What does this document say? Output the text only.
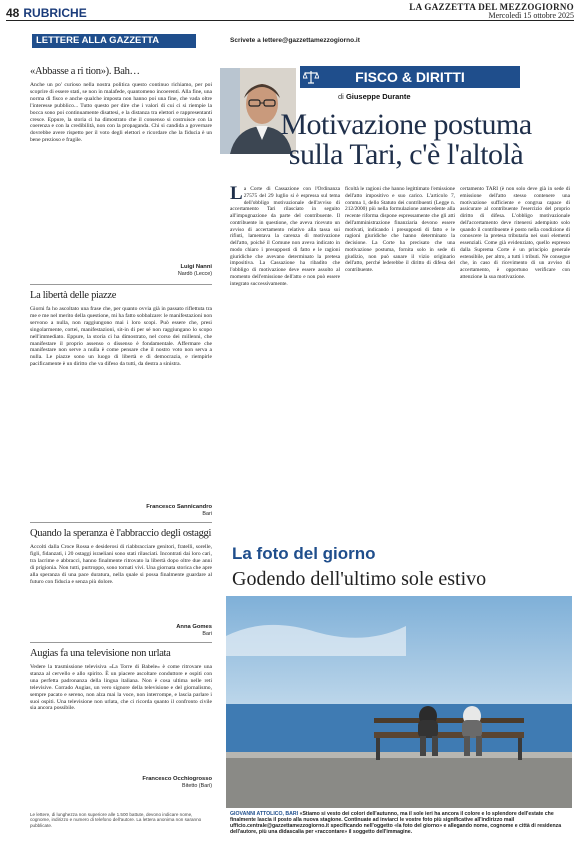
48 RUBRICHE	LA GAZZETTA DEL MEZZOGIORNO
Mercoledì 15 ottobre 2025
LETTERE ALLA GAZZETTA	Scrivete a lettere@gazzettamezzogiorno.it
«Abbasse a ri tion»). Bah…
Anche un po' curioso nella nostra politica questo continuo richiamo, per poi scoprire di essere stati, se non in malafede, quantomeno incoerenti. Alla fine, una norma di fisco e anche qualche imposta non hanno poi una fine, che vada oltre l'interesse pubblico... Tutto questo per dire che i valori di cui ci si riempie la bocca sono poi continuamente disattesi, e la distanza tra elettori e rappresentanti cresce. Eppure, la storia ci ha dimostrato che il consenso si costruisce con la coerenza e con la credibilità, non con la propaganda. Chi si candida a governare dovrebbe avere rispetto per il voto degli elettori e ricordare che la fiducia è un bene prezioso e fragile.
Luigi Nanni
Nardò (Lecce)
La libertà delle piazze
Giorni fa ho ascoltato una frase che, per quanto ovvia già in passato riflettuta tra me e me nel merito della questione, mi ha fatto sobbalzare: le manifestazioni non servono a nulla, non raggiungono mai i loro scopi. Può essere che, presi singolarmente, cortei, manifestazioni, sit-in di per sé non raggiungano lo scopo nell'immediato. Eppure, la storia ci ha dimostrato, nel corso dei millenni, che manifestare il proprio assenso o dissenso è fondamentale. Affermare che manifestare non serve a nulla è come pensare che il nostro voto non serva a nulla. Le piazze sono un luogo di libertà e di democrazia, e riempirle pacificamente è un diritto che va difeso da tutti, da destra a sinistra.
Francesco Sannicandro
Bari
Quando la speranza è l'abbraccio degli ostaggi
Accolti dalla Croce Rossa e desiderosi di riabbracciare genitori, fratelli, sorelle, figli, fidanzati, i 20 ostaggi israeliani sono stati rilasciati. Incontrati dai loro cari, tra lacrime e abbracci, hanno finalmente ritrovato la libertà dopo oltre due anni di prigionia. Non tutti, purtroppo, sono tornati vivi. Una giornata storica che apre alla speranza di una pace duratura, nella quale si possa finalmente guardare al futuro con fiducia e senza più dolore.
Anna Gomes
Bari
Augias fa una televisione non urlata
Vedere la trasmissione televisiva «La Torre di Babele» è come ritrovare una stanza al cervello e allo spirito. È un piacere ascoltare conduttore e ospiti con una perfetta padronanza della lingua italiana. Non è cosa ultima nelle reti televisive. Corrado Augias, un vero signore della televisione e del giornalismo, sempre pacato e sereno, non alza mai la voce, non interrompe, e lascia parlare i suoi ospiti. Una televisione non urlata, che ci ricorda quanto il confronto civile sia ancora possibile.
Francesco Occhiogrosso
Bitetto (Bari)
Le lettere, di lunghezza non superiore alle 1.500 battute, devono indicare nome, cognome, indirizzo e numero di telefono dell'autore. La lettera anonima non saranno pubblicate.
FISCO & DIRITTI
di Giuseppe Durante
Motivazione postuma
sulla Tari, c'è l'altolà
La Corte di Cassazione con l'Ordinanza 27575 del 29 luglio si è espressa sul tema dell'obbligo motivazionale dell'avviso di accertamento Tari rilasciato in seguito all'impugnazione da parte del contribuente. Il contribuente in questione, che aveva ricevuto un avviso di accertamento relativo alla tassa sui rifiuti, lamentava la carenza di motivazione dell'atto, poiché il Comune non aveva indicato in modo chiaro i presupposti di fatto e le ragioni giuridiche che avevano determinato la pretesa impositiva. La Cassazione ha ribadito che l'obbligo di motivazione deve essere assolto al momento dell'emissione dell'atto e non può essere integrato successivamente.
ficoltà le ragioni che hanno legittimato l'emissione dell'atto impositivo e suo carico. L'articolo 7, comma 1, dello Statuto dei contribuenti (Legge n. 212/2000) più nella formulazione antecedente alla recente riforma dispone espressamente che gli atti dell'amministrazione finanziaria devono essere motivati, indicando i presupposti di fatto e le ragioni giuridiche che hanno determinato la decisione. La Corte ha precisato che una motivazione postuma, fornita solo in sede di giudizio, non può sanare il vizio originario dell'atto, perché lederebbe il diritto di difesa del contribuente.
certamento TARI (è non solo deve già in sede di emissione dell'atto stesso contenere una motivazione sufficiente e congrua capace di assicurare al contribuente l'esercizio del proprio diritto di difesa. L'obbligo motivazionale dell'accertamento deve ritenersi adempiuto solo quando il contribuente è posto nella condizione di conoscere la pretesa tributaria nei suoi elementi essenziali. Come già evidenziato, quello espresso dalla Suprema Corte è un principio generale estensibile, per altro, a tutti i tributi. Ne consegue che, in caso di ricevimento di un avviso di accertamento, è opportuno verificare con attenzione la sua motivazione.
La foto del giorno
Godendo dell'ultimo sole estivo
GIOVANNI ATTOLICO, BARI «Stiamo si vesto dei colori dell'autunno, ma il sole ieri ha ancora il colore e lo splendore dell'estate che finalmente lascia il posto alla nuova stagione. Continuate ad inviarci le vostre foto più significative all'indirizzo mail ufficio.centrale@gazzettamezzogiorno.it specificando nell'oggetto «la foto del giorno» e allegando nome, cognome e città di residenza dell'autore, più una didascalia per «raccontare» il soggetto dell'immagine.
